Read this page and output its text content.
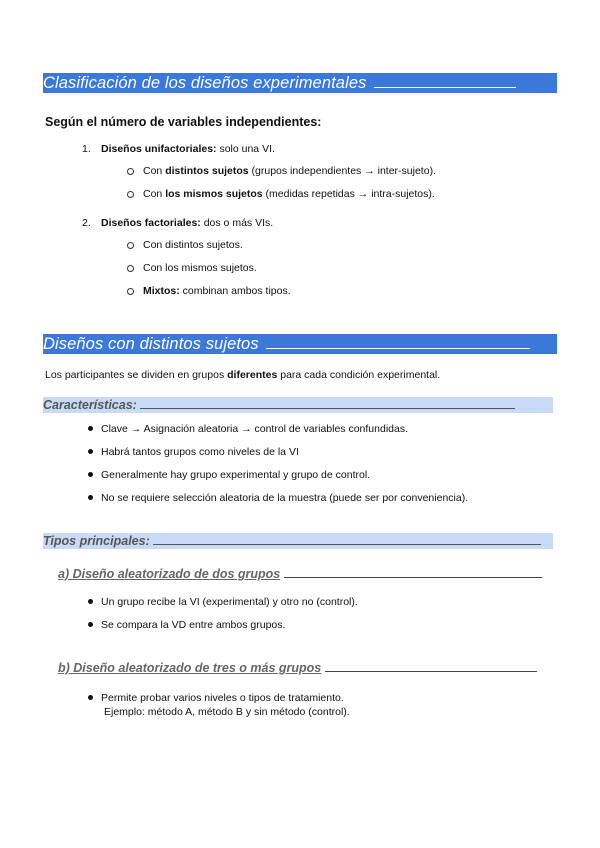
Clasificación de los diseños experimentales
Según el número de variables independientes:
1. Diseños unifactoriales: solo una VI.
Con distintos sujetos (grupos independientes → inter-sujeto).
Con los mismos sujetos (medidas repetidas → intra-sujetos).
2. Diseños factoriales: dos o más VIs.
Con distintos sujetos.
Con los mismos sujetos.
Mixtos: combinan ambos tipos.
Diseños con distintos sujetos
Los participantes se dividen en grupos diferentes para cada condición experimental.
Características:
Clave → Asignación aleatoria → control de variables confundidas.
Habrá tantos grupos como niveles de la VI
Generalmente hay grupo experimental y grupo de control.
No se requiere selección aleatoria de la muestra (puede ser por conveniencia).
Tipos principales:
a) Diseño aleatorizado de dos grupos
Un grupo recibe la VI (experimental) y otro no (control).
Se compara la VD entre ambos grupos.
b) Diseño aleatorizado de tres o más grupos
Permite probar varios niveles o tipos de tratamiento.
Ejemplo: método A, método B y sin método (control).
